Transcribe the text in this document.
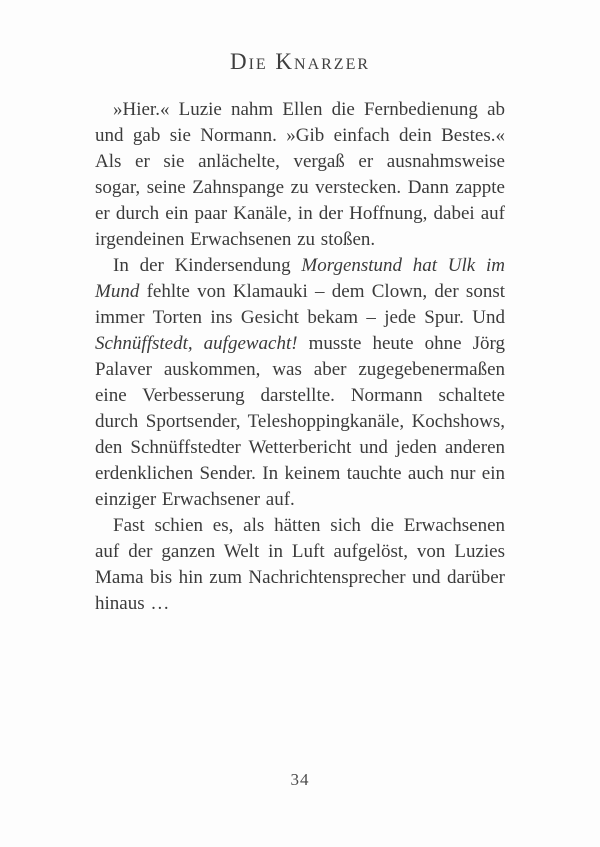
Die Knarzer

»Hier.« Luzie nahm Ellen die Fernbedienung ab und gab sie Normann. »Gib einfach dein Bestes.« Als er sie anlächelte, vergaß er ausnahmsweise sogar, seine Zahnspange zu verstecken. Dann zappte er durch ein paar Kanäle, in der Hoffnung, dabei auf irgendeinen Erwachsenen zu stoßen.

In der Kindersendung Morgenstund hat Ulk im Mund fehlte von Klamauki – dem Clown, der sonst immer Torten ins Gesicht bekam – jede Spur. Und Schnüffstedt, aufgewacht! musste heute ohne Jörg Palaver auskommen, was aber zugegebenermaßen eine Verbesserung darstellte. Normann schaltete durch Sportsender, Teleshoppingkanäle, Kochshows, den Schnüffstedter Wetterbericht und jeden anderen erdenklichen Sender. In keinem tauchte auch nur ein einziger Erwachsener auf.

Fast schien es, als hätten sich die Erwachsenen auf der ganzen Welt in Luft aufgelöst, von Luzies Mama bis hin zum Nachrichtensprecher und darüber hinaus …

34
